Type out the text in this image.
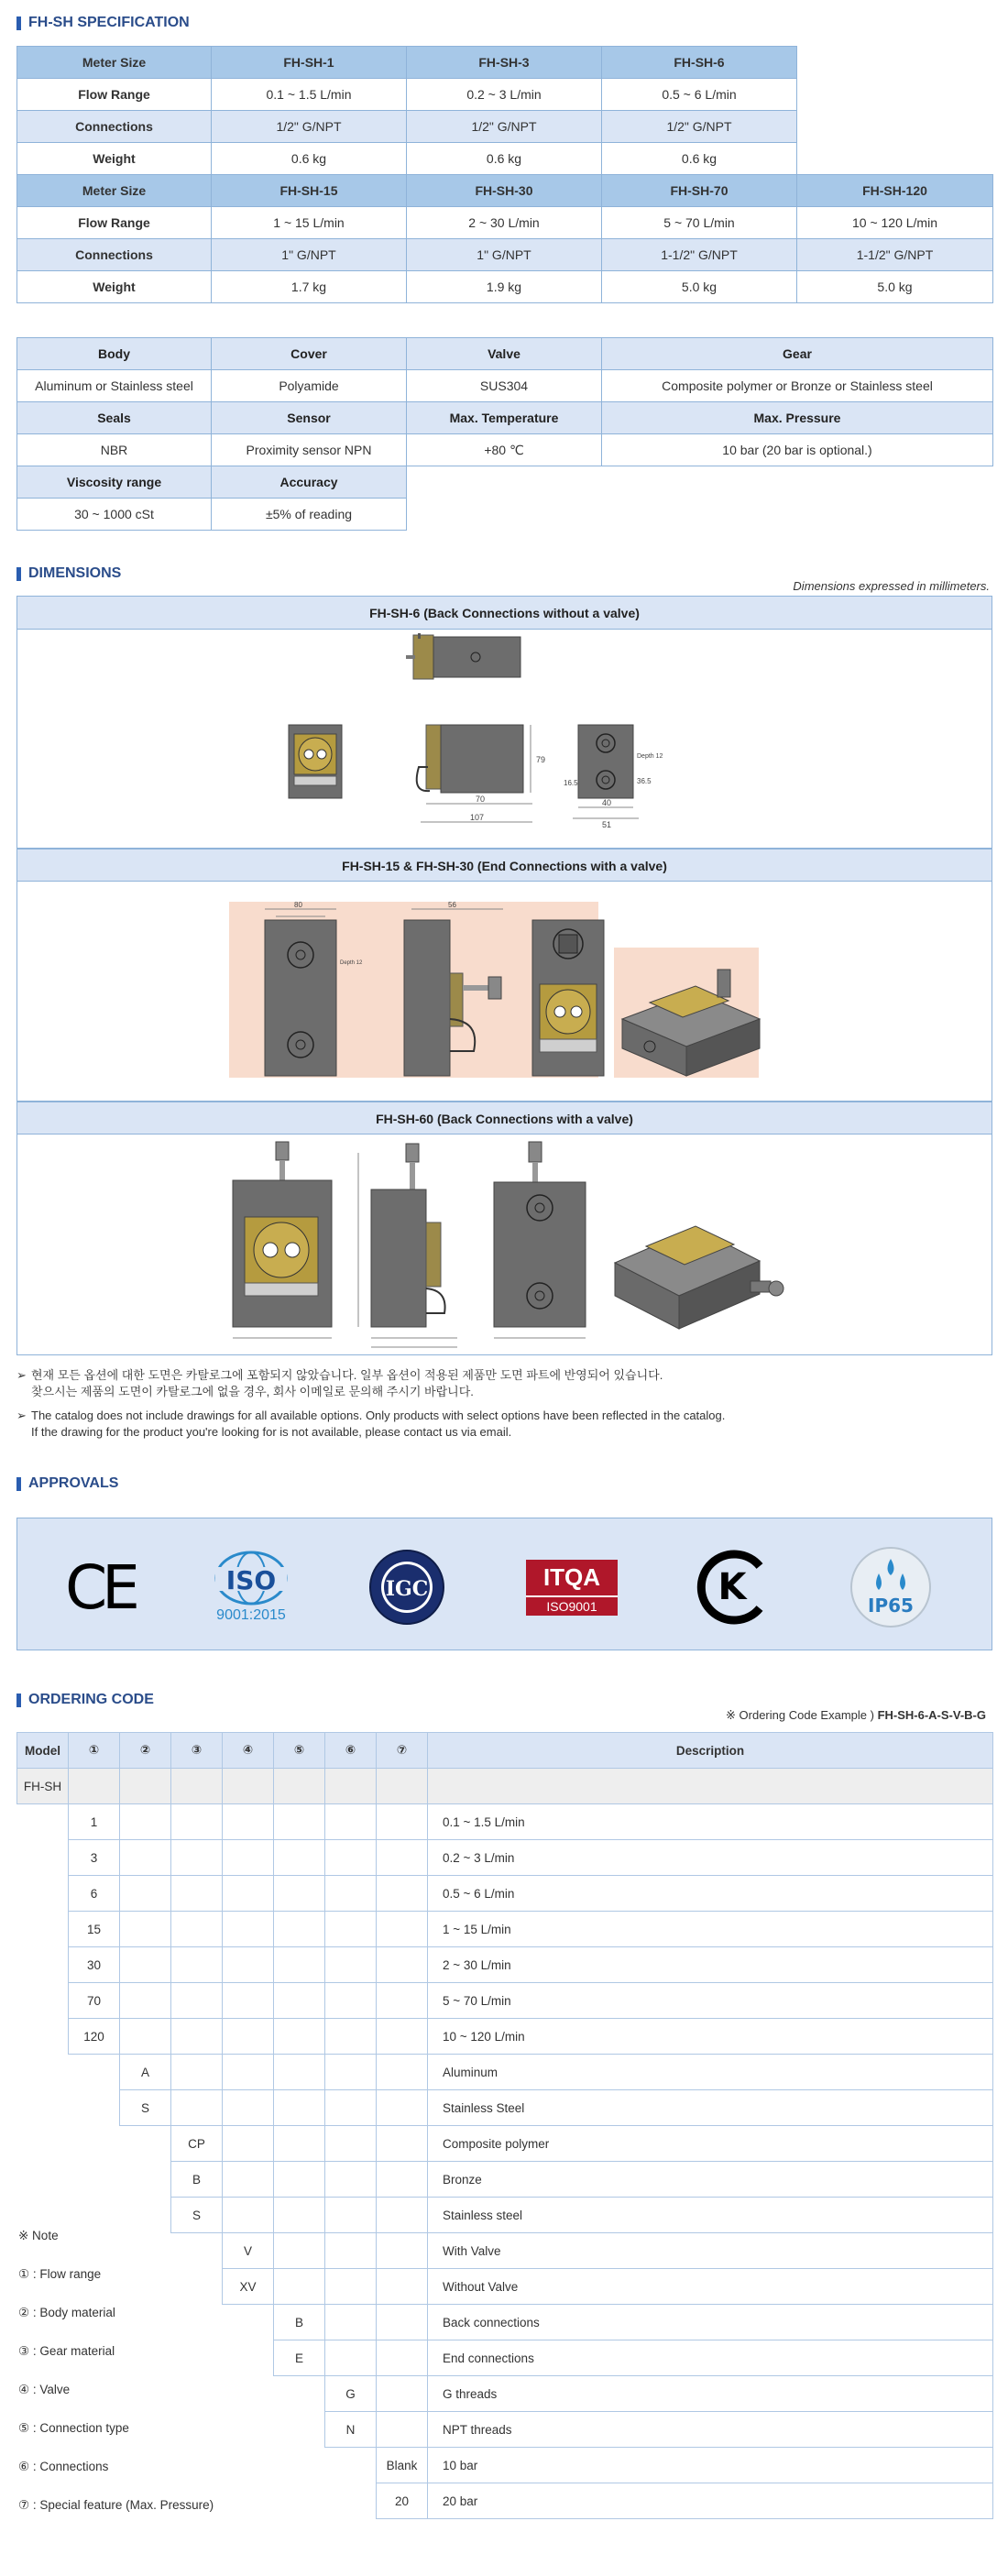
FH-SH SPECIFICATION
Meter Size	FH-SH-1	FH-SH-3	FH-SH-6	
Flow Range	0.1 ~ 1.5 L/min	0.2 ~ 3 L/min	0.5 ~ 6 L/min	
Connections	1/2" G/NPT	1/2" G/NPT	1/2" G/NPT	
Weight	0.6 kg	0.6 kg	0.6 kg	
Meter Size	FH-SH-15	FH-SH-30	FH-SH-70	FH-SH-120
Flow Range	1 ~ 15 L/min	2 ~ 30 L/min	5 ~ 70 L/min	10 ~ 120 L/min
Connections	1" G/NPT	1" G/NPT	1-1/2" G/NPT	1-1/2" G/NPT
Weight	1.7 kg	1.9 kg	5.0 kg	5.0 kg
Body	Cover	Valve	Gear
Aluminum or Stainless steel	Polyamide	SUS304	Composite polymer or Bronze or Stainless steel
Seals	Sensor	Max. Temperature	Max. Pressure
NBR	Proximity sensor NPN	+80 ℃	10 bar (20 bar is optional.)
Viscosity range	Accuracy		
30 ~ 1000 cSt	±5% of reading		
DIMENSIONS
Dimensions expressed in millimeters.
FH-SH-6 (Back Connections without a valve)
79
70
107
40
51
Depth 12
36.5
16.5
FH-SH-15 & FH-SH-30 (End Connections with a valve)
80
Depth 12
56
FH-SH-60 (Back Connections with a valve)
➢ 현재 모든 옵션에 대한 도면은 카탈로그에 포함되지 않았습니다. 일부 옵션이 적용된 제품만 도면 파트에 반영되어 있습니다.
찾으시는 제품의 도면이 카탈로그에 없을 경우, 회사 이메일로 문의해 주시기 바랍니다.
➢ The catalog does not include drawings for all available options. Only products with select options have been reflected in the catalog.
If the drawing for the product you're looking for is not available, please contact us via email.
APPROVALS
CE	ISO
9001:2015
IGC	ITQA
ISO9001	K	IP65
ORDERING CODE
※ Ordering Code Example ) FH-SH-6-A-S-V-B-G
Model	①	②	③	④	⑤	⑥	⑦	Description
FH-SH								
	1							0.1 ~ 1.5 L/min
	3							0.2 ~ 3 L/min
	6							0.5 ~ 6 L/min
	15							1 ~ 15 L/min
	30							2 ~ 30 L/min
	70							5 ~ 70 L/min
	120							10 ~ 120 L/min
		A						Aluminum
		S						Stainless Steel
			CP					Composite polymer
			B					Bronze
			S					Stainless steel
				V				With Valve
				XV				Without Valve
					B			Back connections
					E			End connections
						G		G threads
						N		NPT threads
							Blank	10 bar
							20	20 bar
※ Note
① : Flow range
② : Body material
③ : Gear material
④ : Valve
⑤ : Connection type
⑥ : Connections
⑦ : Special feature (Max. Pressure)
